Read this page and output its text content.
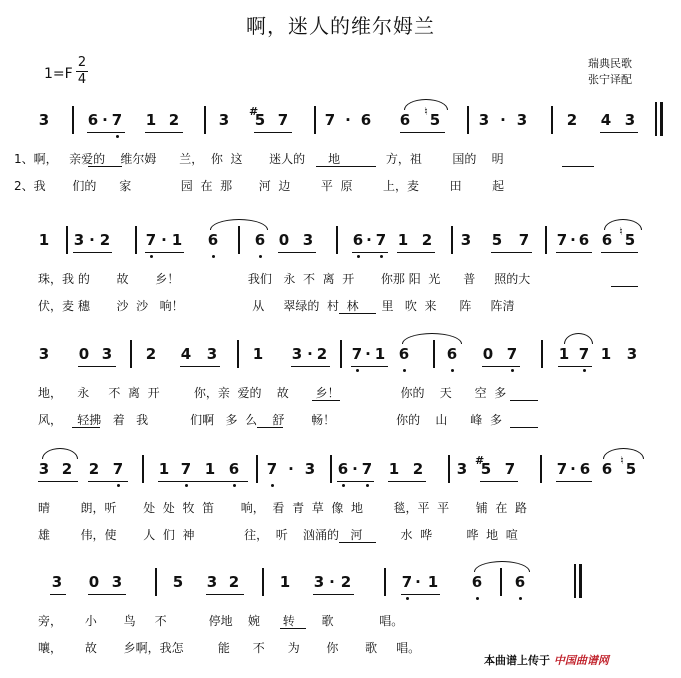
啊，迷人的维尔姆兰
1=F
2
4
瑞典民歌
张宁译配
3	6 · 7 1 2	3 5
# 7 7 · 6 6 5
♮	3 · 3	2 4 3
1、啊，   亲爱的    维尔姆      兰，  你  这       迷人的      地            方，祖        国的    明
2、我       们的      家             园  在  那       河  边        平  原        上，麦        田        起
1 3 · 2 7 · 1 6 6 0 3	6 · 7 1 2 3 5 7 7 · 6 6 5
♮
珠，我 的       故       乡！                  我们   永  不  离  开       你那 阳  光      普     照的大
伏，麦 穗       沙  沙   响！                  从     翠绿的  村  林      里   吹  来      阵     阵清
3 0 3 2 4 3 1 3 · 2 7 · 1 6	6 0 7	1 7 1 3
地，    永     不  离  开         你，亲  爱的    故       乡！                你的    天      空  多
风，    轻拂   着   我           们啊   多  么    舒       畅！                你的    山      峰  多
3 2 2 7 1 7 1 6 7 · 3 6 · 7 1 2 3 5
# 7	7 · 6 6 5
♮
晴        朗，听       处  处  牧  笛       响，  看  青  草  像  地        毯，平  平       铺  在  路
雄        伟，使       人  们  神             往，  听    汹涌的   河          水  哗         哗  地  喧
3 0 3	5 3 2	1 3 · 2	7 · 1 6 6
旁，      小       鸟     不           停地    婉      转       歌            唱。
嚷，      故       乡啊，我怎         能      不      为       你       歌     唱。
本曲谱上传于 中国曲谱网
